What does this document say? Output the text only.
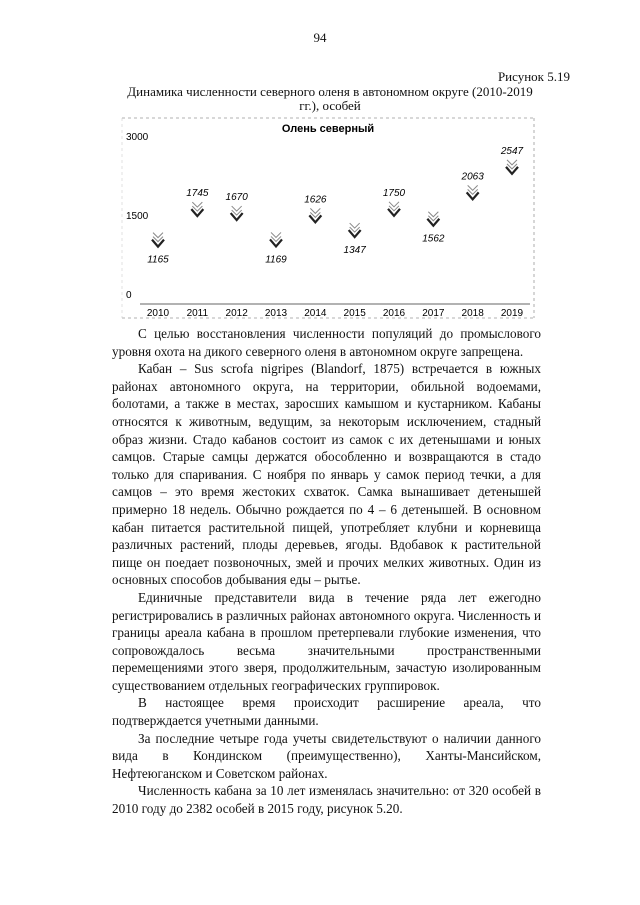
94
Рисунок 5.19
Динамика численности северного оленя в автономном округе (2010-2019 гг.), особей
Олень северный
0
1500
3000
2010 2011 2012 2013 2014 2015 2016 2017 2018 2019
1165
1745 1670
1169
1626
1347
1750
1562
2063
2547

С целью восстановления численности популяций до промыслового уровня охота на дикого северного оленя в автономном округе запрещена.

Кабан – Sus scrofa nigripes (Blandorf, 1875) встречается в южных районах автономного округа, на территории, обильной водоемами, болотами, а также в местах, заросших камышом и кустарником. Кабаны относятся к животным, ведущим, за некоторым исключением, стадный образ жизни. Стадо кабанов состоит из самок с их детенышами и юных самцов. Старые самцы держатся обособленно и возвращаются в стадо только для спаривания. С ноября по январь у самок период течки, а для самцов – это время жестоких схваток. Самка вынашивает детенышей примерно 18 недель. Обычно рождается по 4 – 6 детенышей. В основном кабан питается растительной пищей, употребляет клубни и корневища различных растений, плоды деревьев, ягоды. Вдобавок к растительной пище он поедает позвоночных, змей и прочих мелких животных. Один из основных способов добывания еды – рытье.

Единичные представители вида в течение ряда лет ежегодно регистрировались в различных районах автономного округа. Численность и границы ареала кабана в прошлом претерпевали глубокие изменения, что сопровождалось весьма значительными пространственными перемещениями этого зверя, продолжительным, зачастую изолированным существованием отдельных географических группировок.

В настоящее время происходит расширение ареала, что подтверждается учетными данными.

За последние четыре года учеты свидетельствуют о наличии данного вида в Кондинском (преимущественно), Ханты-Мансийском, Нефтеюганском и Советском районах.

Численность кабана за 10 лет изменялась значительно: от 320 особей в 2010 году до 2382 особей в 2015 году, рисунок 5.20.
